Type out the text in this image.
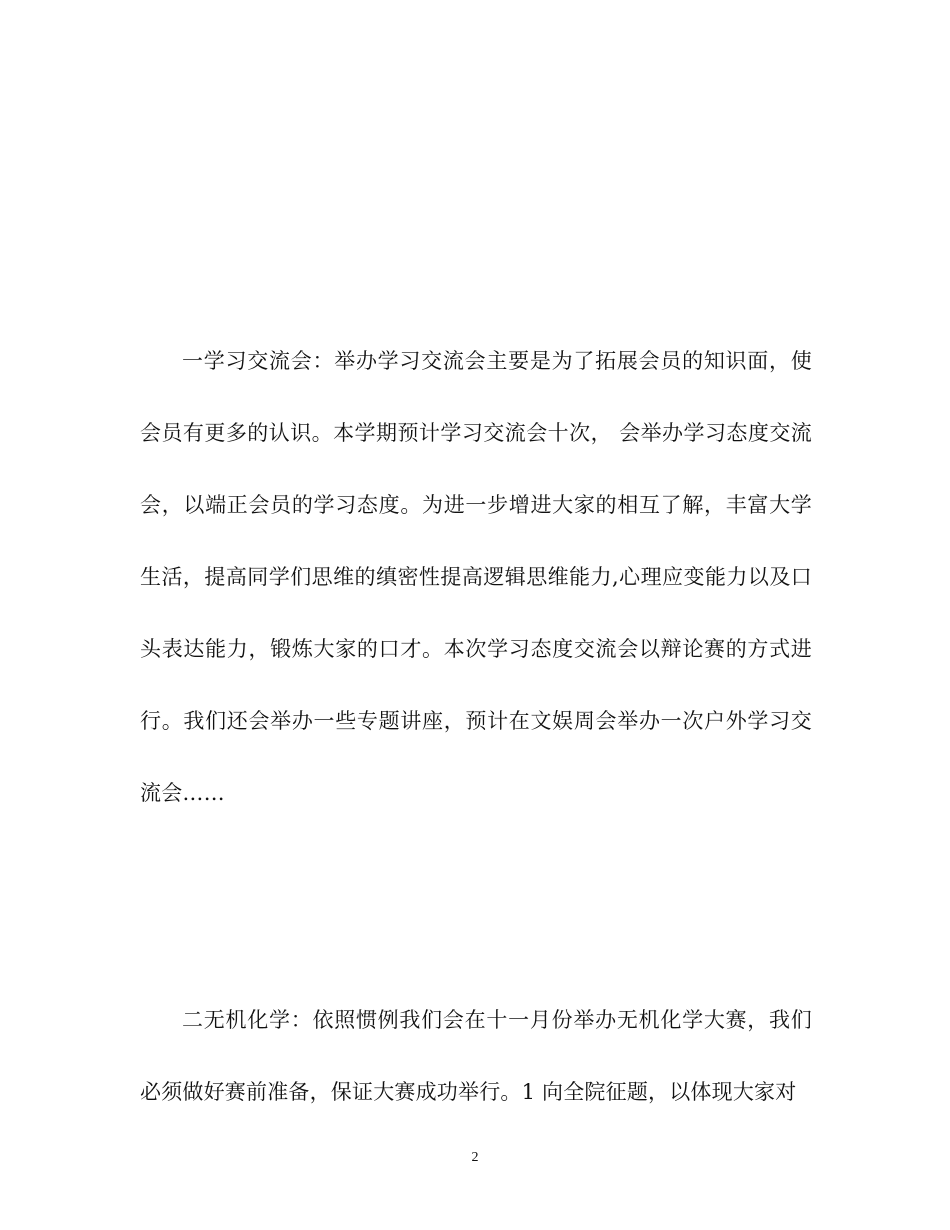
一学习交流会：举办学习交流会主要是为了拓展会员的知识面，使会员有更多的认识。本学期预计学习交流会十次， 会举办学习态度交流会，以端正会员的学习态度。为进一步增进大家的相互了解，丰富大学生活，提高同学们思维的缜密性提高逻辑思维能力,心理应变能力以及口头表达能力，锻炼大家的口才。本次学习态度交流会以辩论赛的方式进行。我们还会举办一些专题讲座，预计在文娱周会举办一次户外学习交流会……

二无机化学：依照惯例我们会在十一月份举办无机化学大赛，我们必须做好赛前准备，保证大赛成功举行。1 向全院征题，以体现大家对

2
